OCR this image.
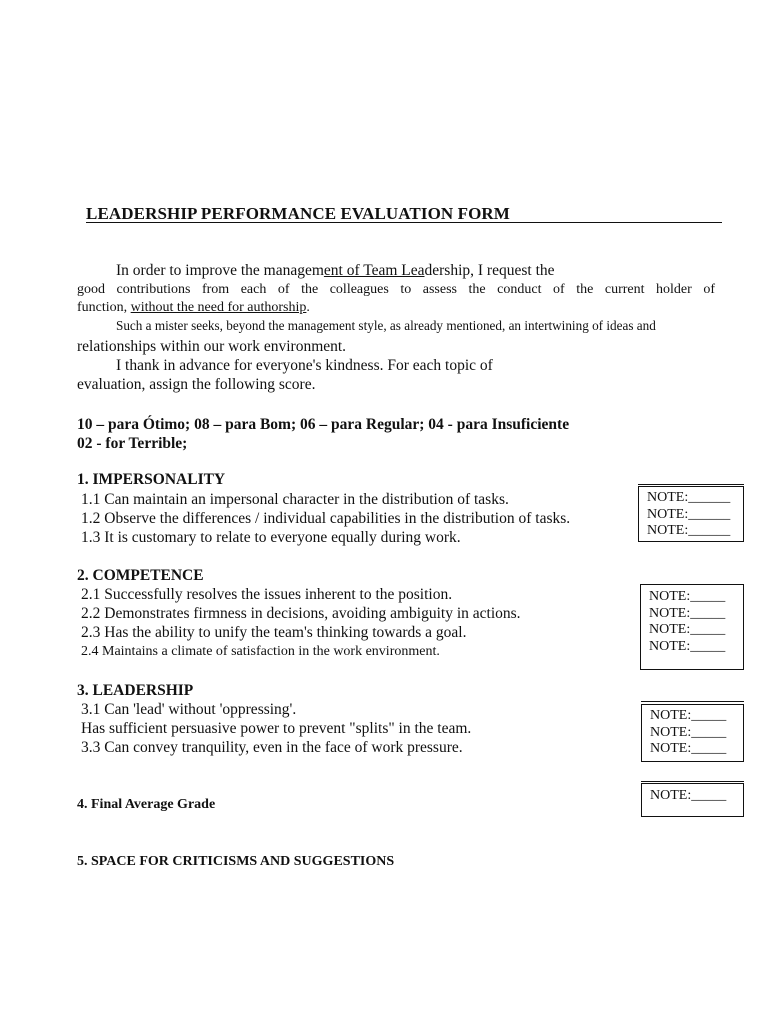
LEADERSHIP PERFORMANCE EVALUATION FORM
In order to improve the management of Team Leadership, I request the
good contributions from each of the colleagues to assess the conduct of the current holder of
function, without the need for authorship.
Such a mister seeks, beyond the management style, as already mentioned, an intertwining of ideas and
relationships within our work environment.
I thank in advance for everyone's kindness. For each topic of
evaluation, assign the following score.
10 – para Ótimo; 08 – para Bom; 06 – para Regular; 04 - para Insuficiente
02 - for Terrible;
1. IMPERSONALITY
1.1 Can maintain an impersonal character in the distribution of tasks.
1.2 Observe the differences / individual capabilities in the distribution of tasks.
1.3 It is customary to relate to everyone equally during work.
NOTE:______
NOTE:______
NOTE:______
2. COMPETENCE
2.1 Successfully resolves the issues inherent to the position.
2.2 Demonstrates firmness in decisions, avoiding ambiguity in actions.
2.3 Has the ability to unify the team's thinking towards a goal.
2.4 Maintains a climate of satisfaction in the work environment.
NOTE:_____
NOTE:_____
NOTE:_____
NOTE:_____
3. LEADERSHIP
3.1 Can 'lead' without 'oppressing'.
Has sufficient persuasive power to prevent "splits" in the team.
3.3 Can convey tranquility, even in the face of work pressure.
NOTE:_____
NOTE:_____
NOTE:_____
4. Final Average Grade
NOTE:_____
5. SPACE FOR CRITICISMS AND SUGGESTIONS
